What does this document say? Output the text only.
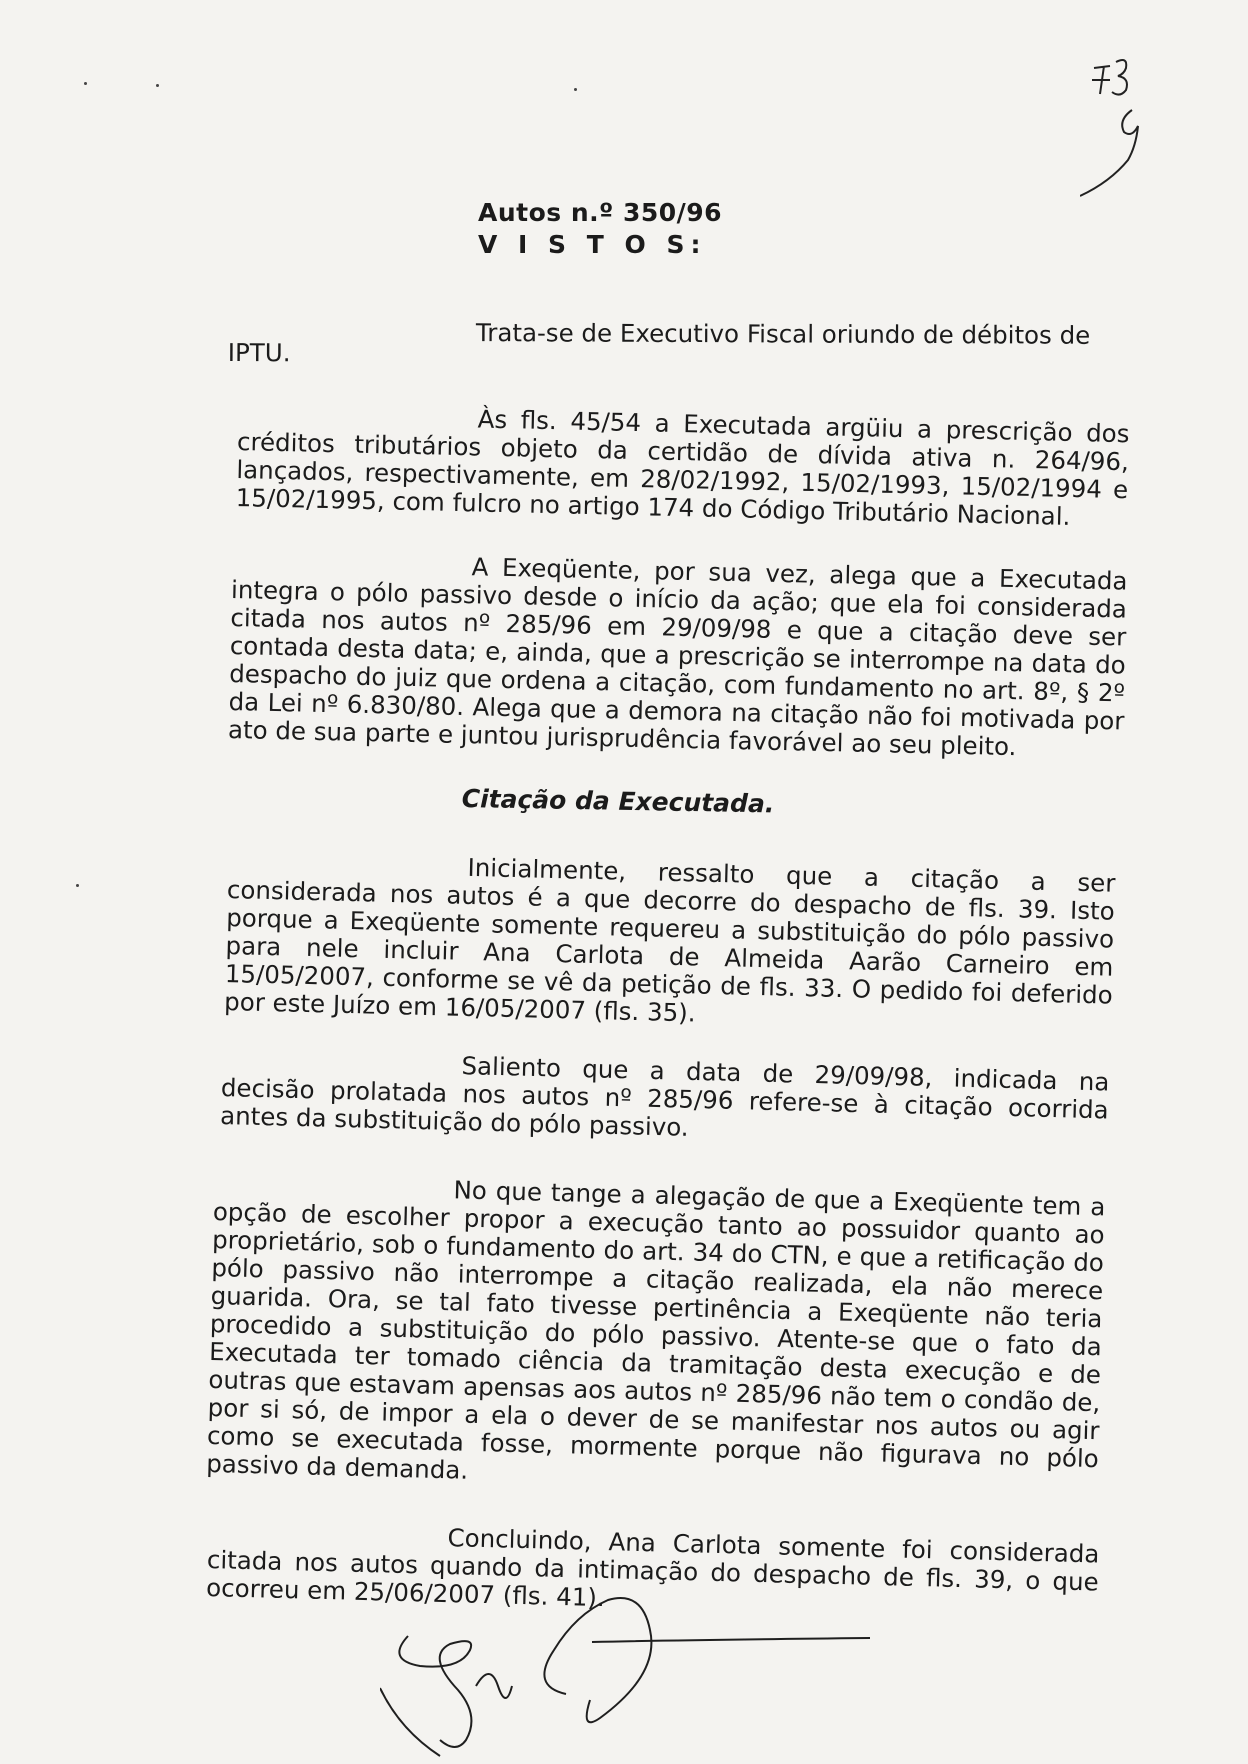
Autos n.º 350/96
V I S T O S:
Trata-se de Executivo Fiscal oriundo de débitos de
IPTU.
Às fls. 45/54 a Executada argüiu a prescrição dos créditos tributários objeto da certidão de dívida ativa n. 264/96, lançados, respectivamente, em 28/02/1992, 15/02/1993, 15/02/1994 e 15/02/1995, com fulcro no artigo 174 do Código Tributário Nacional.
A Exeqüente, por sua vez, alega que a Executada integra o pólo passivo desde o início da ação; que ela foi considerada citada nos autos nº 285/96 em 29/09/98 e que a citação deve ser contada desta data; e, ainda, que a prescrição se interrompe na data do despacho do juiz que ordena a citação, com fundamento no art. 8º, § 2º da Lei nº 6.830/80. Alega que a demora na citação não foi motivada por ato de sua parte e juntou jurisprudência favorável ao seu pleito.
Citação da Executada.
Inicialmente, ressalto que a citação a ser considerada nos autos é a que decorre do despacho de fls. 39. Isto porque a Exeqüente somente requereu a substituição do pólo passivo para nele incluir Ana Carlota de Almeida Aarão Carneiro em 15/05/2007, conforme se vê da petição de fls. 33. O pedido foi deferido por este Juízo em 16/05/2007 (fls. 35).
Saliento que a data de 29/09/98, indicada na decisão prolatada nos autos nº 285/96 refere-se à citação ocorrida antes da substituição do pólo passivo.
No que tange a alegação de que a Exeqüente tem a opção de escolher propor a execução tanto ao possuidor quanto ao proprietário, sob o fundamento do art. 34 do CTN, e que a retificação do pólo passivo não interrompe a citação realizada, ela não merece guarida. Ora, se tal fato tivesse pertinência a Exeqüente não teria procedido a substituição do pólo passivo. Atente-se que o fato da Executada ter tomado ciência da tramitação desta execução e de outras que estavam apensas aos autos nº 285/96 não tem o condão de, por si só, de impor a ela o dever de se manifestar nos autos ou agir como se executada fosse, mormente porque não figurava no pólo passivo da demanda.
Concluindo, Ana Carlota somente foi considerada citada nos autos quando da intimação do despacho de fls. 39, o que ocorreu em 25/06/2007 (fls. 41).
